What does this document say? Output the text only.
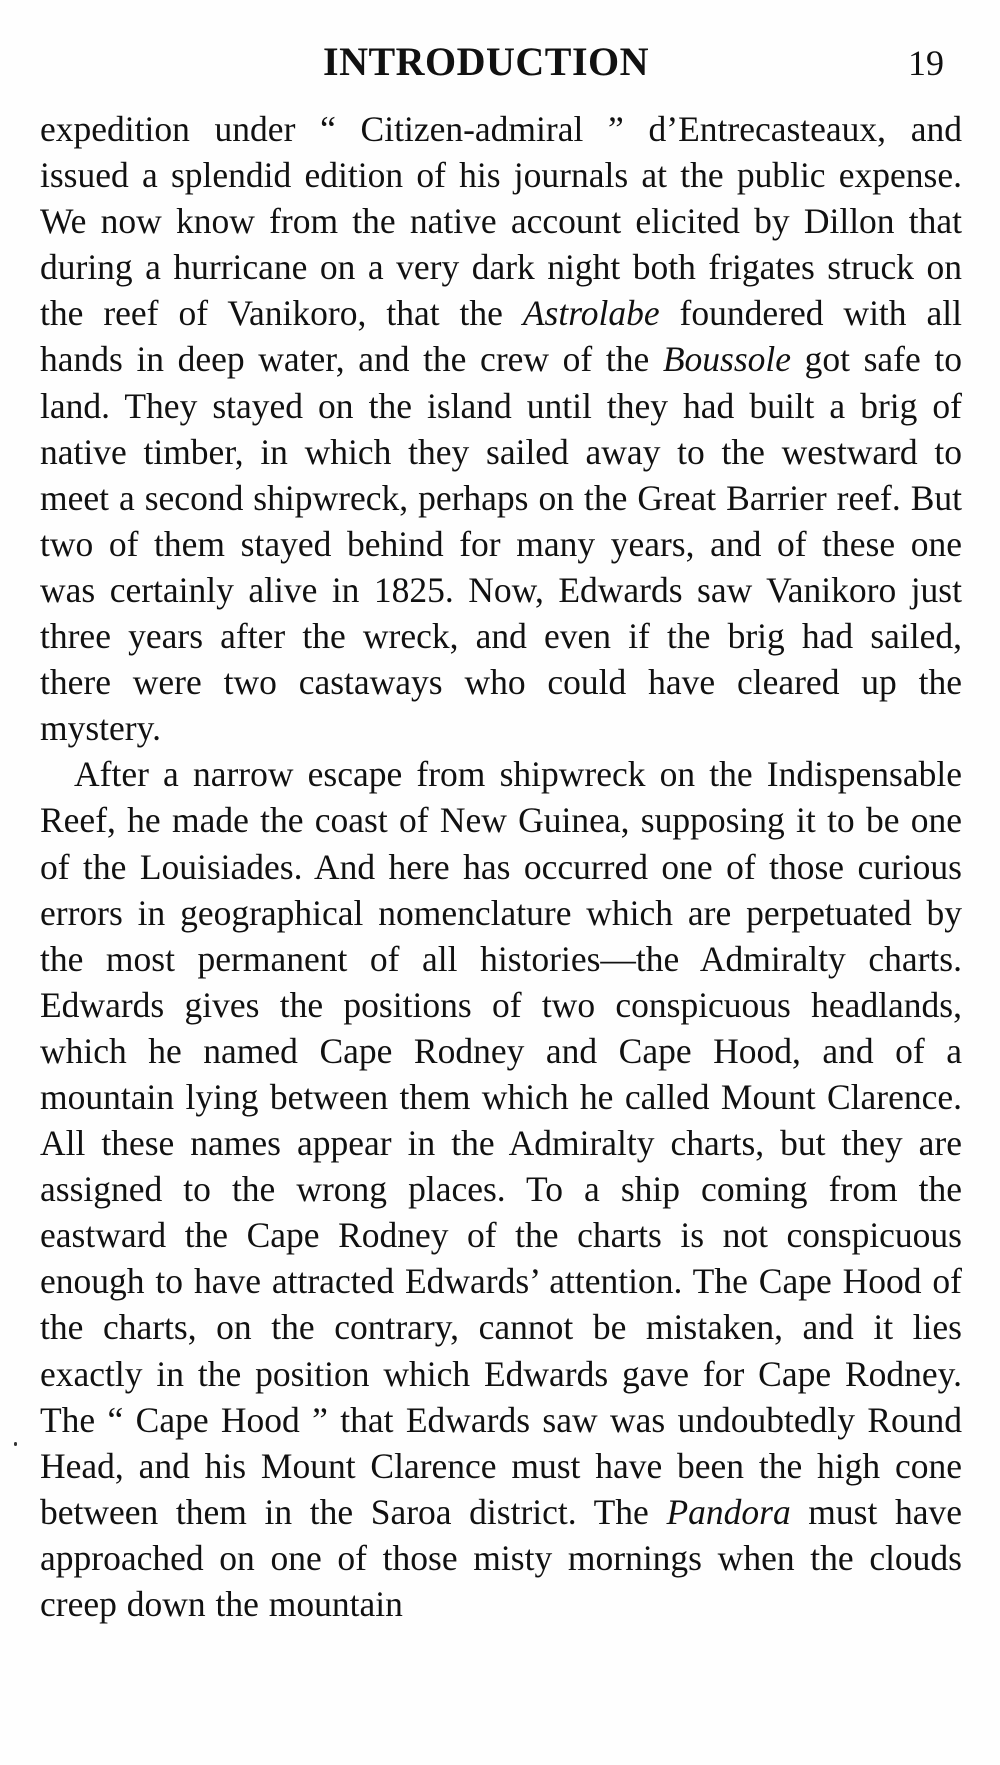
INTRODUCTION	19

expedition under “ Citizen-admiral ” d’Entrecasteaux, and issued a splendid edition of his journals at the public expense. We now know from the native account elicited by Dillon that during a hurricane on a very dark night both frigates struck on the reef of Vanikoro, that the Astrolabe foundered with all hands in deep water, and the crew of the Boussole got safe to land. They stayed on the island until they had built a brig of native timber, in which they sailed away to the westward to meet a second shipwreck, perhaps on the Great Barrier reef. But two of them stayed behind for many years, and of these one was certainly alive in 1825. Now, Edwards saw Vanikoro just three years after the wreck, and even if the brig had sailed, there were two castaways who could have cleared up the mystery.

After a narrow escape from shipwreck on the Indispensable Reef, he made the coast of New Guinea, supposing it to be one of the Louisiades. And here has occurred one of those curious errors in geographical nomenclature which are perpetuated by the most permanent of all histories—the Admiralty charts. Edwards gives the positions of two conspicuous headlands, which he named Cape Rodney and Cape Hood, and of a mountain lying between them which he called Mount Clarence. All these names appear in the Admiralty charts, but they are assigned to the wrong places. To a ship coming from the eastward the Cape Rodney of the charts is not conspicuous enough to have attracted Edwards’ attention. The Cape Hood of the charts, on the contrary, cannot be mistaken, and it lies exactly in the position which Edwards gave for Cape Rodney. The “ Cape Hood ” that Edwards saw was undoubtedly Round Head, and his Mount Clarence must have been the high cone between them in the Saroa district. The Pandora must have approached on one of those misty mornings when the clouds creep down the mountain
